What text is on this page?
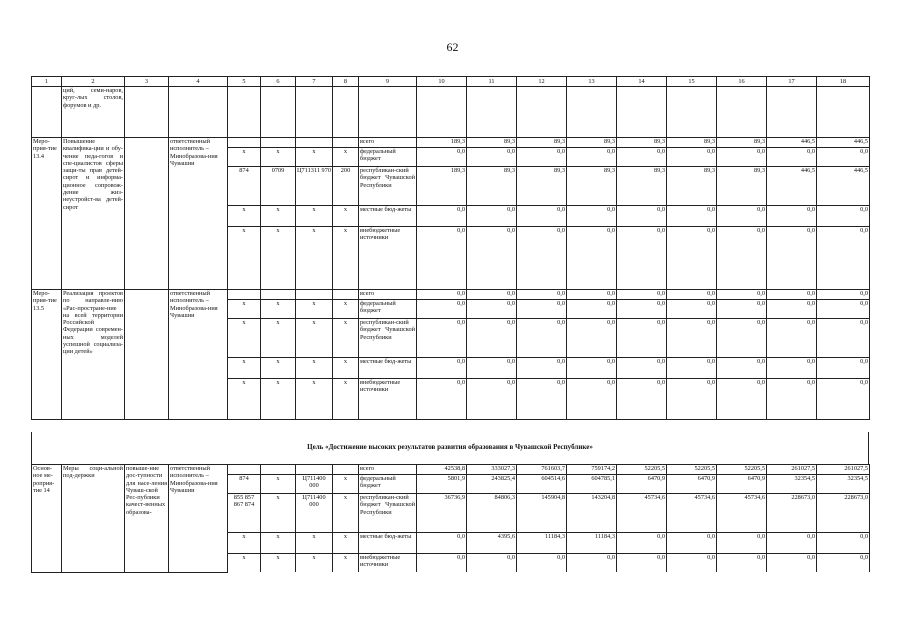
62
1	2	3	4	5	6	7	8	9	10	11	12	13	14	15	16	17	18
	ций, семи-наров, круг-лых столов, форумов и др.																
Меро-прия-тие 13.4	Повышение квалифика-ции и обу-чение педа-гогов и спе-циалистов сферы защи-ты прав детей-сирот и информа-ционное сопровож-дение жиз-неустройст-ва детей-сирот		ответственный исполнитель – Минобразова-ния Чувашии					всего	189,3	89,3	89,3	89,3	89,3	89,3	89,3	446,5	446,5
				x	x	x	x	федеральный бюджет	0,0	0,0	0,0	0,0	0,0	0,0	0,0	0,0	0,0
				874	0709	Ц711311 970	200	республикан-ский бюджет Чувашской Республики	189,3	89,3	89,3	89,3	89,3	89,3	89,3	446,5	446,5
				x	x	x	x	местные бюд-жеты	0,0	0,0	0,0	0,0	0,0	0,0	0,0	0,0	0,0
				x	x	x	x	внебюджетные источники	0,0	0,0	0,0	0,0	0,0	0,0	0,0	0,0	0,0
Меро-прия-тие 13.5	Реализация проектов по направле-нию «Рас-простране-ние на всей территории Российской Федерации современ-ных моделей успешной социализа-ции детей»		ответственный исполнитель – Минобразова-ния Чувашии					всего	0,0	0,0	0,0	0,0	0,0	0,0	0,0	0,0	0,0
				x	x	x	x	федеральный бюджет	0,0	0,0	0,0	0,0	0,0	0,0	0,0	0,0	0,0
				x	x	x	x	республикан-ский бюджет Чувашской Республики	0,0	0,0	0,0	0,0	0,0	0,0	0,0	0,0	0,0
				x	x	x	x	местные бюд-жеты	0,0	0,0	0,0	0,0	0,0	0,0	0,0	0,0	0,0
				x	x	x	x	внебюджетные источники	0,0	0,0	0,0	0,0	0,0	0,0	0,0	0,0	0,0
Цель «Достижение высоких результатов развития образования в Чувашской Республике»
Основ-ное ме-роприя-тие 14	Меры соци-альной под-держки	повыше-ние дос-тупности для насе-ления Чуваш-ской Рес-публики качест-венных образова-	ответственный исполнитель – Минобразова-ния Чувашии					всего	42538,8	333027,3	761603,7	759174,2	52205,5	52205,5	52205,5	261027,5	261027,5
				874	x	Ц711400 000	x	федеральный бюджет	5801,9	243825,4	604514,6	604785,1	6470,9	6470,9	6470,9	32354,5	32354,5
				855 857 867 874	x	Ц711400 000	x	республикан-ский бюджет Чувашской Республики	36736,9	84806,3	145904,8	143204,8	45734,6	45734,6	45734,6	228673,0	228673,0
				x	x	x	x	местные бюд-жеты	0,0	4395,6	11184,3	11184,3	0,0	0,0	0,0	0,0	0,0
				x	x	x	x	внебюджетные источники	0,0	0,0	0,0	0,0	0,0	0,0	0,0	0,0	0,0
